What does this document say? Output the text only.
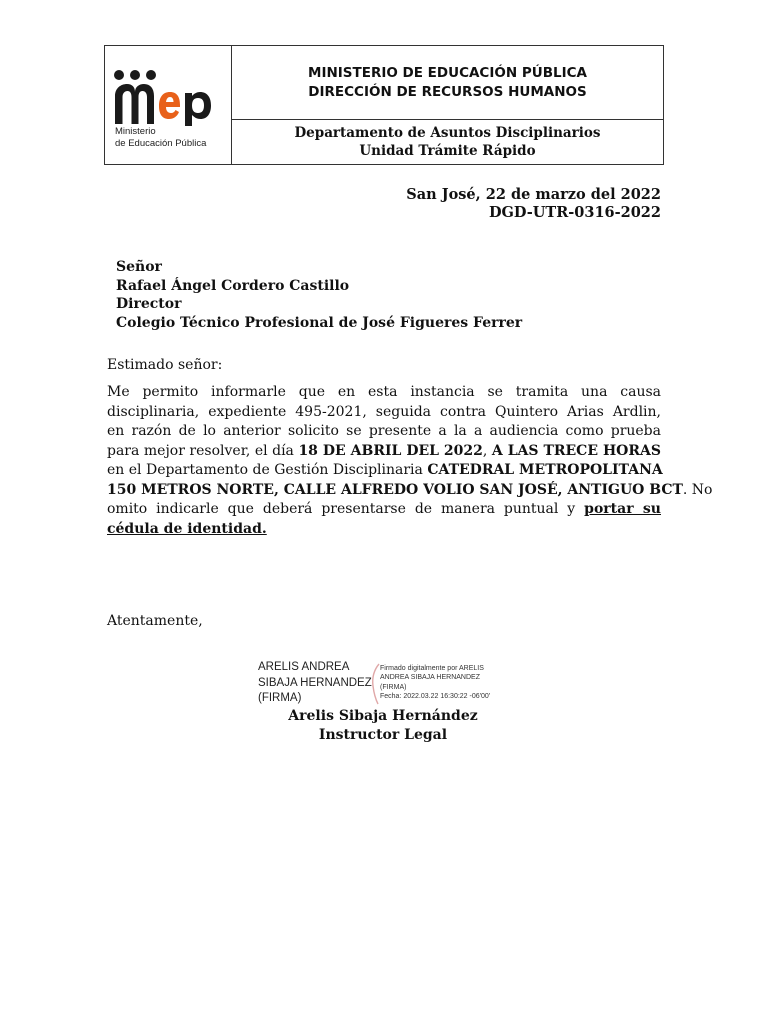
Ministerio
de Educación Pública
MINISTERIO DE EDUCACIÓN PÚBLICA
DIRECCIÓN DE RECURSOS HUMANOS
Departamento de Asuntos Disciplinarios
Unidad Trámite Rápido
San José, 22 de marzo del 2022
DGD-UTR-0316-2022
Señor
Rafael Ángel Cordero Castillo
Director
Colegio Técnico Profesional de José Figueres Ferrer
Estimado señor:
Me permito informarle que en esta instancia se tramita una causa
disciplinaria, expediente 495-2021, seguida contra Quintero Arias Ardlin,
en razón de lo anterior solicito se presente a la a audiencia como prueba
para mejor resolver, el día 18 DE ABRIL DEL 2022, A LAS TRECE HORAS
en el Departamento de Gestión Disciplinaria CATEDRAL METROPOLITANA
150 METROS NORTE, CALLE ALFREDO VOLIO SAN JOSÉ, ANTIGUO BCT. No
omito indicarle que deberá presentarse de manera puntual y portar su
cédula de identidad.
Atentamente,
ARELIS ANDREA
SIBAJA HERNANDEZ
(FIRMA)
Firmado digitalmente por ARELIS
ANDREA SIBAJA HERNANDEZ
(FIRMA)
Fecha: 2022.03.22 16:30:22 -06'00'
Arelis Sibaja Hernández
Instructor Legal
